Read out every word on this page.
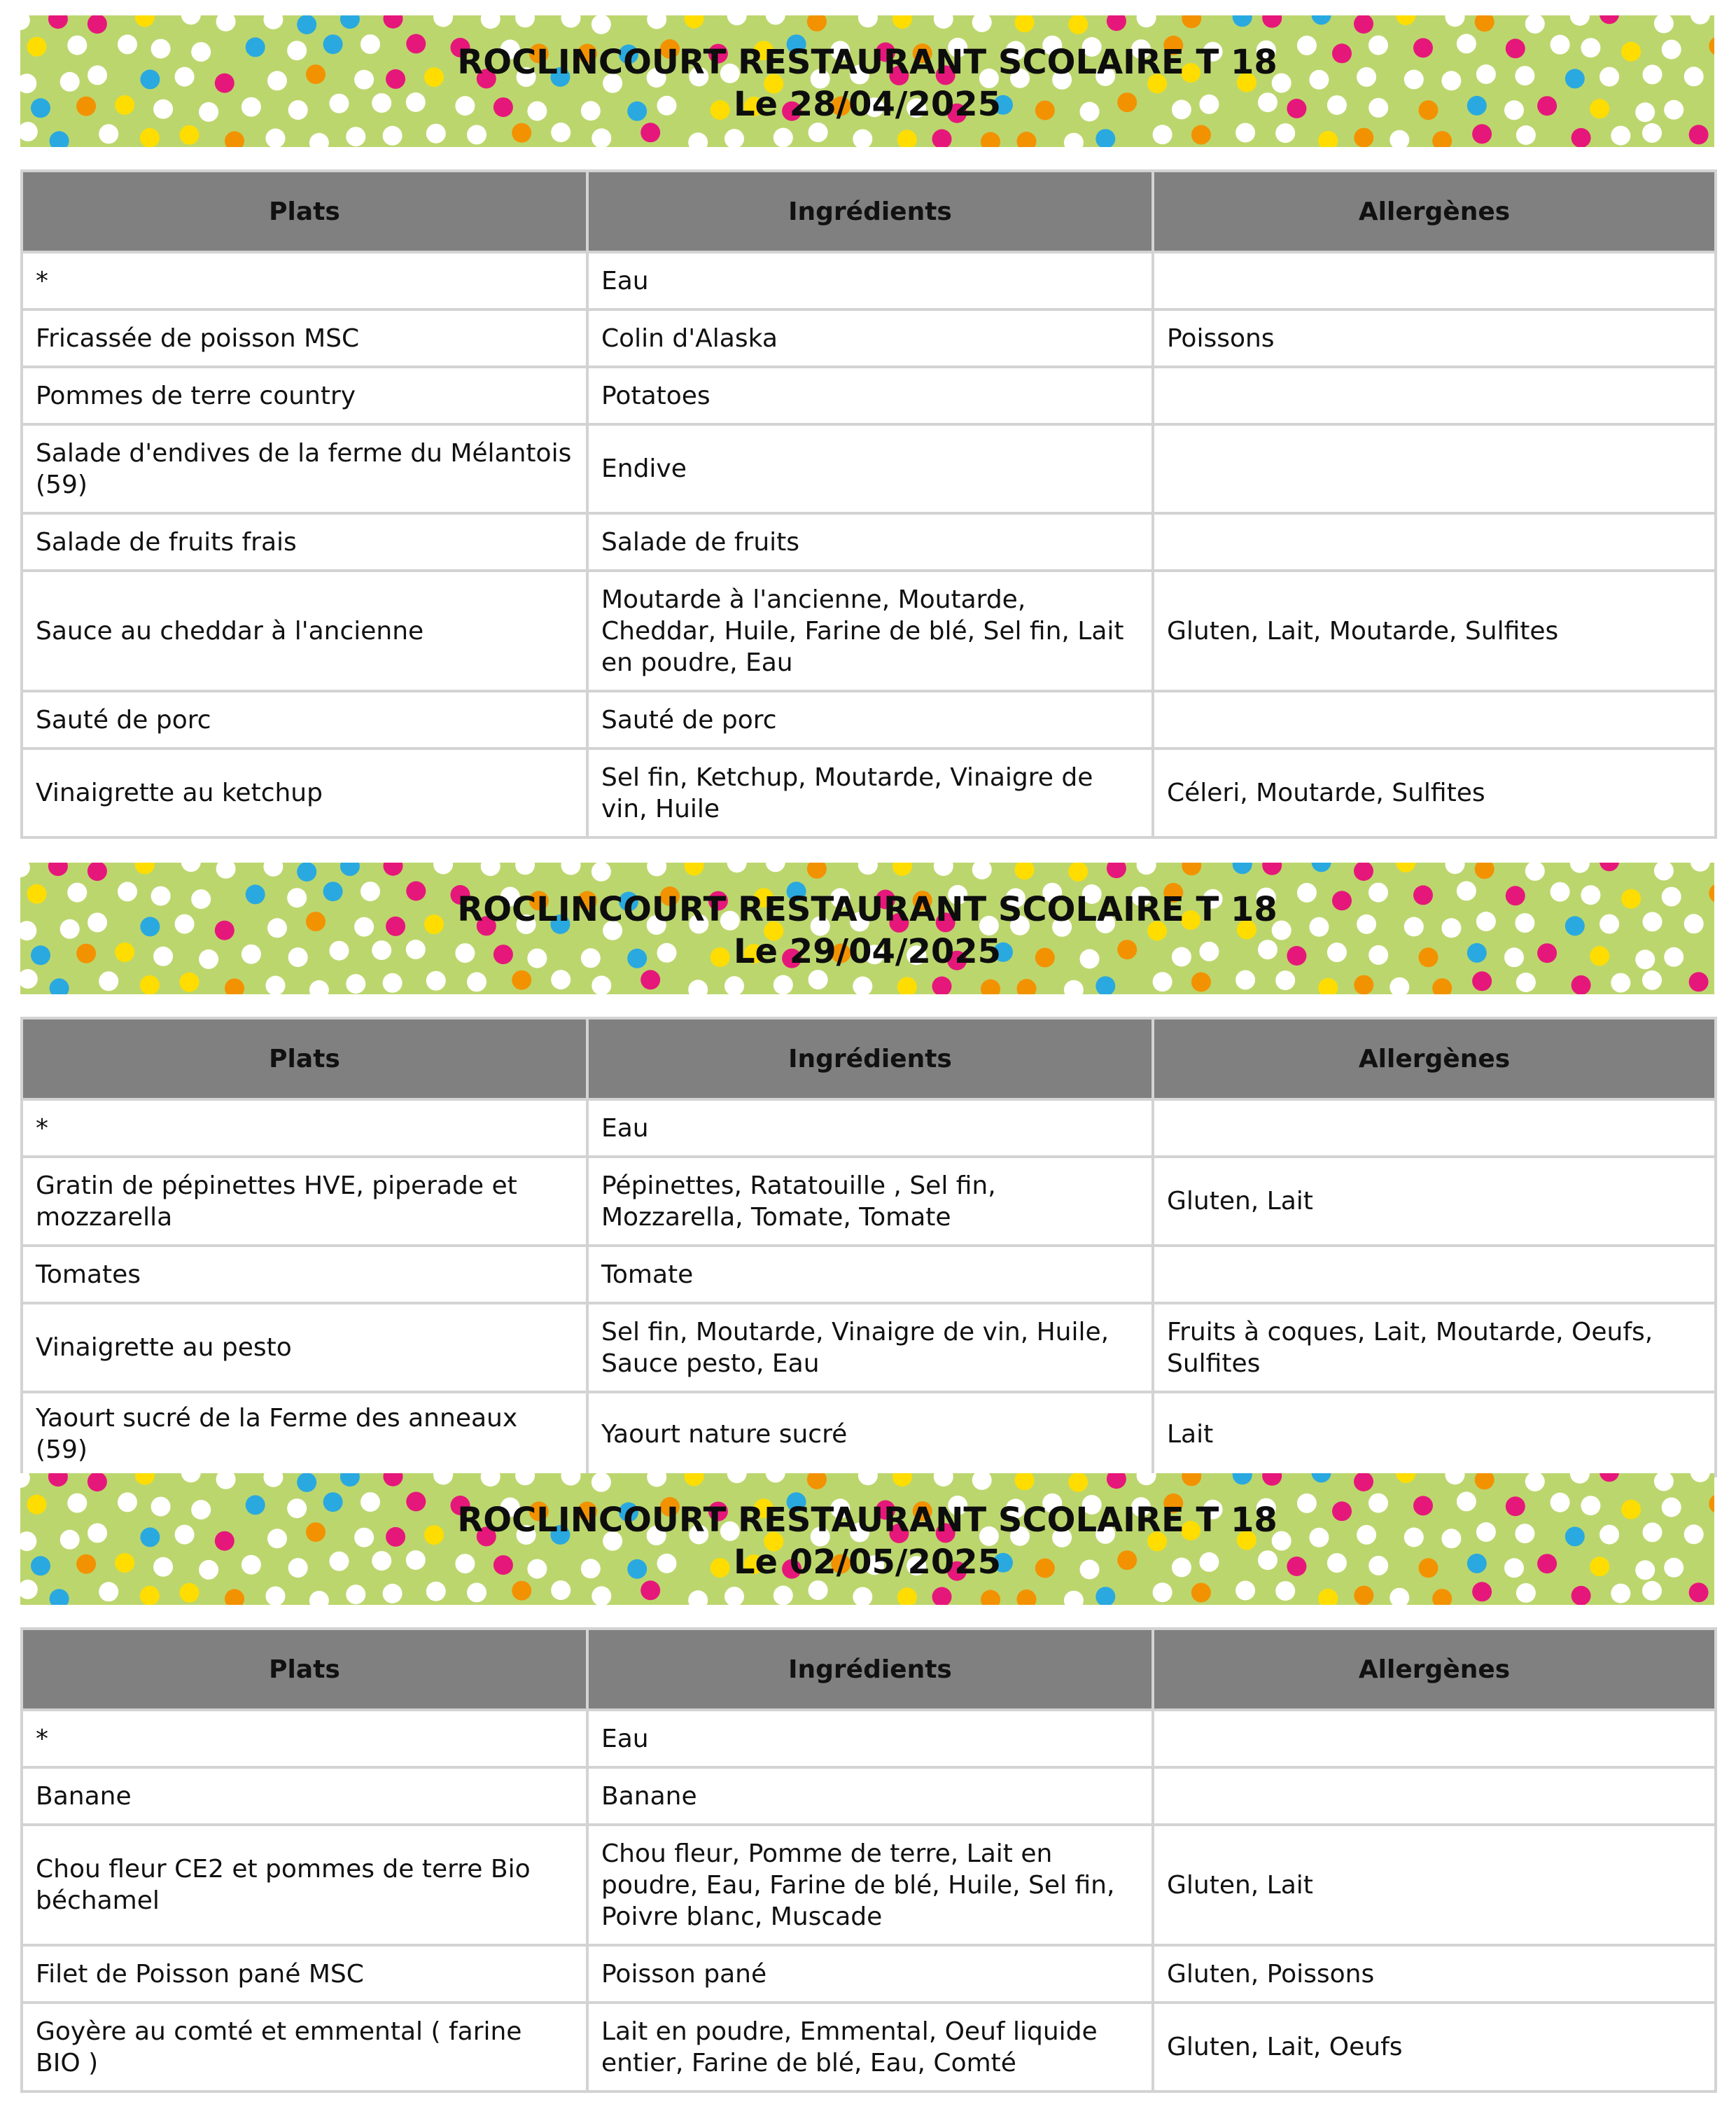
ROCLINCOURT RESTAURANT SCOLAIRE T 18
Le 28/04/2025
Plats	Ingrédients	Allergènes
*	Eau	
Fricassée de poisson MSC	Colin d'Alaska	Poissons
Pommes de terre country	Potatoes	
Salade d'endives de la ferme du Mélantois (59)	Endive	
Salade de fruits frais	Salade de fruits	
Sauce au cheddar à l'ancienne	Moutarde à l'ancienne, Moutarde, Cheddar, Huile, Farine de blé, Sel fin, Lait en poudre, Eau	Gluten, Lait, Moutarde, Sulfites
Sauté de porc	Sauté de porc	
Vinaigrette au ketchup	Sel fin, Ketchup, Moutarde, Vinaigre de vin, Huile	Céleri, Moutarde, Sulfites
ROCLINCOURT RESTAURANT SCOLAIRE T 18
Le 29/04/2025
Plats	Ingrédients	Allergènes
*	Eau	
Gratin de pépinettes HVE, piperade et mozzarella	Pépinettes, Ratatouille , Sel fin, Mozzarella, Tomate, Tomate	Gluten, Lait
Tomates	Tomate	
Vinaigrette au pesto	Sel fin, Moutarde, Vinaigre de vin, Huile, Sauce pesto, Eau	Fruits à coques, Lait, Moutarde, Oeufs, Sulfites
Yaourt sucré de la Ferme des anneaux (59)	Yaourt nature sucré	Lait
ROCLINCOURT RESTAURANT SCOLAIRE T 18
Le 02/05/2025
Plats	Ingrédients	Allergènes
*	Eau	
Banane	Banane	
Chou fleur CE2 et pommes de terre Bio béchamel	Chou fleur, Pomme de terre, Lait en poudre, Eau, Farine de blé, Huile, Sel fin, Poivre blanc, Muscade	Gluten, Lait
Filet de Poisson pané MSC	Poisson pané	Gluten, Poissons
Goyère au comté et emmental ( farine BIO )	Lait en poudre, Emmental, Oeuf liquide entier, Farine de blé, Eau, Comté	Gluten, Lait, Oeufs
